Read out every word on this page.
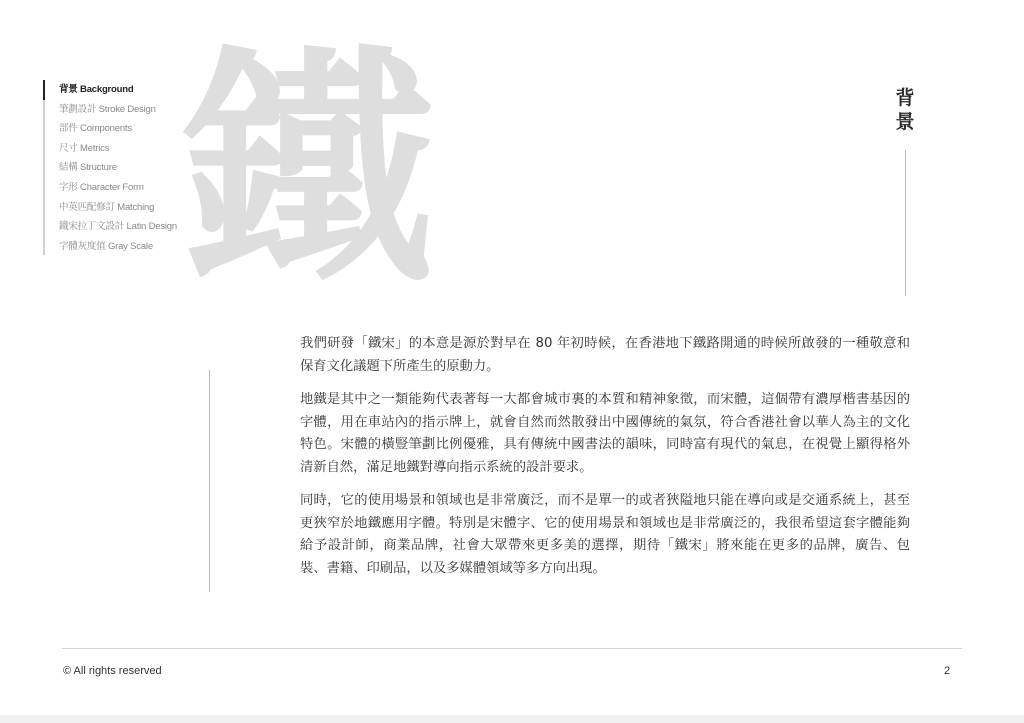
背景 Background
筆劃設計 Stroke Design
部件 Components
尺寸 Metrics
結構 Structure
字形 Character Form
中英匹配修訂 Matching
鐵宋拉丁文設計 Latin Design
字體灰度值 Gray Scale 鐵	背
景

我們研發「鐵宋」的本意是源於對早在 80 年初時候，在香港地下鐵路開通的時候所啟發的一種敬意和保育文化議題下所產生的原動力。

地鐵是其中之一類能夠代表著每一大都會城市裏的本質和精神象徵，而宋體，這個帶有濃厚楷書基因的字體，用在車站內的指示牌上，就會自然而然散發出中國傳統的氣氛，符合香港社會以華人為主的文化特色。宋體的橫豎筆劃比例優雅，具有傳統中國書法的韻味，同時富有現代的氣息，在視覺上顯得格外清新自然，滿足地鐵對導向指示系統的設計要求。

同時，它的使用場景和領域也是非常廣泛，而不是單一的或者狹隘地只能在導向或是交通系統上，甚至更狹窄於地鐵應用字體。特別是宋體字、它的使用場景和領域也是非常廣泛的，我很希望這套字體能夠給予設計師，商業品牌，社會大眾帶來更多美的選擇，期待「鐵宋」將來能在更多的品牌，廣告、包裝、書籍、印刷品，以及多媒體領域等多方向出現。

© All rights reserved	2
